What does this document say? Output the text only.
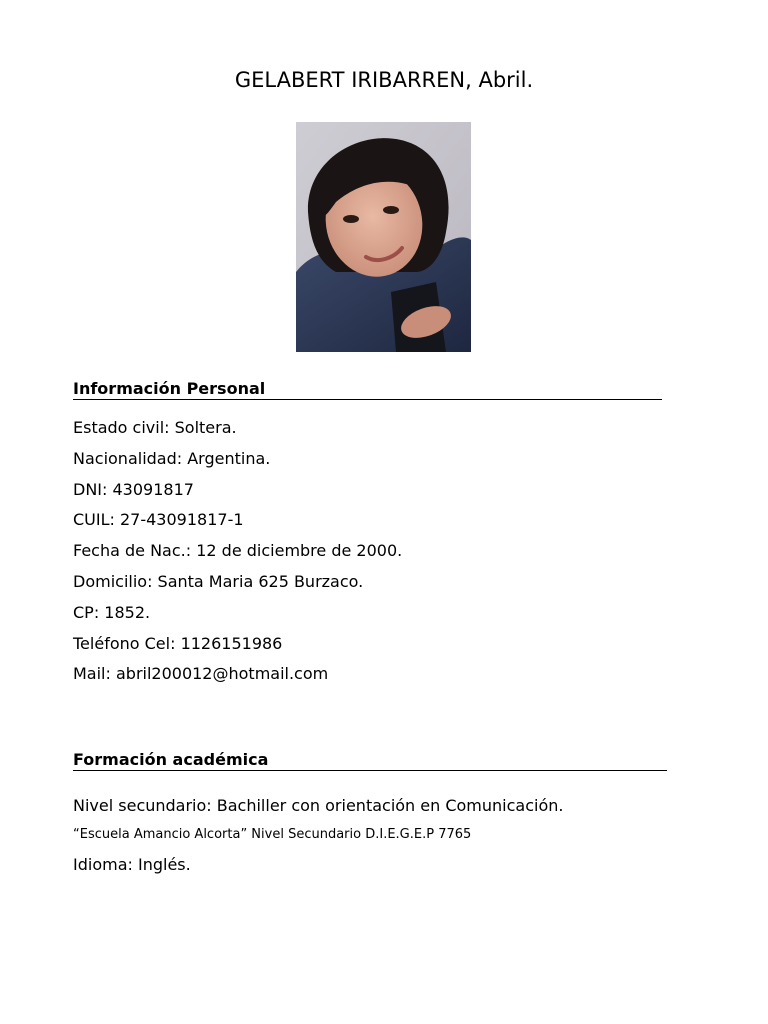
GELABERT IRIBARREN, Abril.
Información Personal
Estado civil: Soltera.
Nacionalidad: Argentina.
DNI: 43091817
CUIL: 27-43091817-1
Fecha de Nac.: 12 de diciembre de 2000.
Domicilio: Santa Maria 625 Burzaco.
CP: 1852.
Teléfono Cel: 1126151986
Mail: abril200012@hotmail.com
Formación académica

Nivel secundario: Bachiller con orientación en Comunicación.

“Escuela Amancio Alcorta” Nivel Secundario D.I.E.G.E.P 7765

Idioma: Inglés.
